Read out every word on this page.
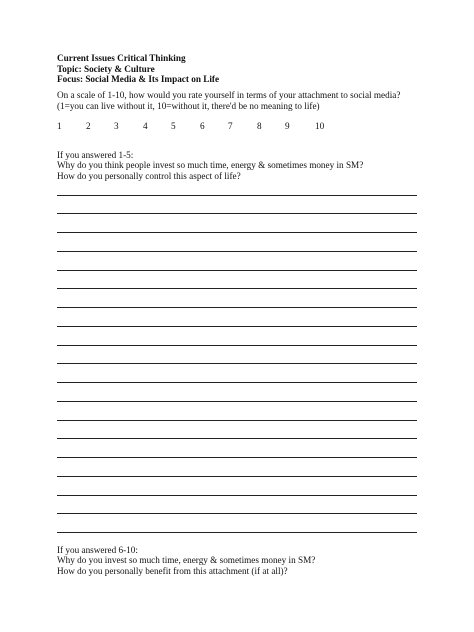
Current Issues Critical Thinking
Topic: Society & Culture
Focus: Social Media & Its Impact on Life
On a scale of 1-10, how would you rate yourself in terms of your attachment to social media? (1=you can live without it, 10=without it, there'd be no meaning to life)
1	2	3	4	5	6	7	8	9	10
If you answered 1-5:
Why do you think people invest so much time, energy & sometimes money in SM?
How do you personally control this aspect of life?
If you answered 6-10:
Why do you invest so much time, energy & sometimes money in SM?
How do you personally benefit from this attachment (if at all)?
